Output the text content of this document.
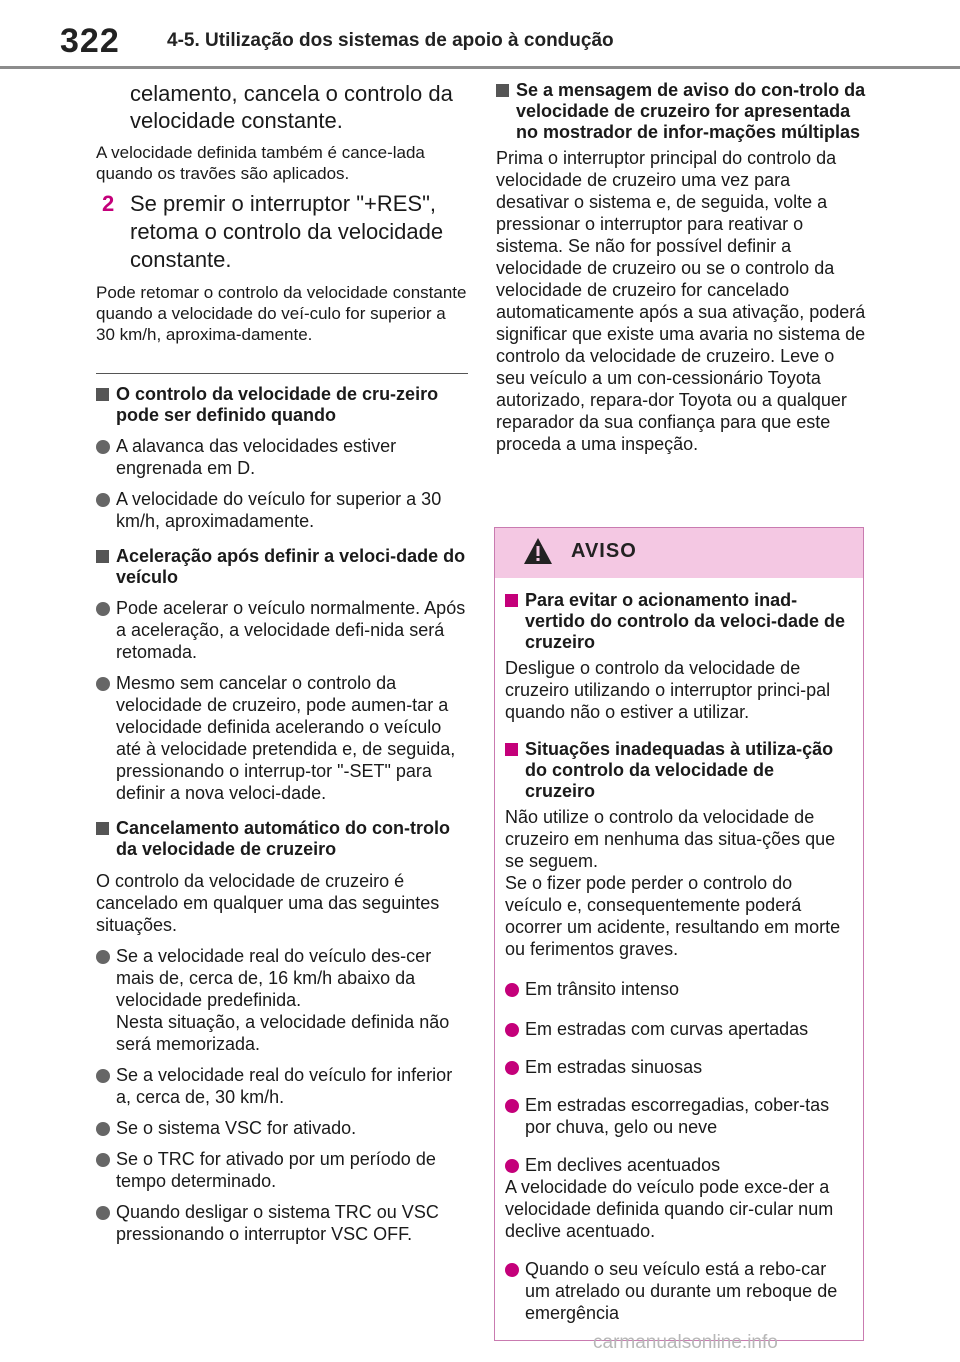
322 4-5. Utilização dos sistemas de apoio à condução
celamento, cancela o controlo da velocidade constante.
A velocidade definida também é cance-lada quando os travões são aplicados.
2 Se premir o interruptor "+RES", retoma o controlo da velocidade constante.
Pode retomar o controlo da velocidade constante quando a velocidade do veí-culo for superior a 30 km/h, aproxima-damente.
O controlo da velocidade de cru-zeiro pode ser definido quando
A alavanca das velocidades estiver engrenada em D.
A velocidade do veículo for superior a 30 km/h, aproximadamente.
Aceleração após definir a veloci-dade do veículo
Pode acelerar o veículo normalmente. Após a aceleração, a velocidade defi-nida será retomada.
Mesmo sem cancelar o controlo da velocidade de cruzeiro, pode aumen-tar a velocidade definida acelerando o veículo até à velocidade pretendida e, de seguida, pressionando o interrup-tor "-SET" para definir a nova veloci-dade.
Cancelamento automático do con-trolo da velocidade de cruzeiro
O controlo da velocidade de cruzeiro é cancelado em qualquer uma das seguintes situações.
Se a velocidade real do veículo des-cer mais de, cerca de, 16 km/h abaixo da velocidade predefinida.
Nesta situação, a velocidade definida não será memorizada.
Se a velocidade real do veículo for inferior a, cerca de, 30 km/h.
Se o sistema VSC for ativado.
Se o TRC for ativado por um período de tempo determinado.
Quando desligar o sistema TRC ou VSC pressionando o interruptor VSC OFF.
Se a mensagem de aviso do con-trolo da velocidade de cruzeiro for apresentada no mostrador de infor-mações múltiplas
Prima o interruptor principal do controlo da velocidade de cruzeiro uma vez para desativar o sistema e, de seguida, volte a pressionar o interruptor para reativar o sistema. Se não for possível definir a velocidade de cruzeiro ou se o controlo da velocidade de cruzeiro for cancelado automaticamente após a sua ativação, poderá significar que existe uma avaria no sistema de controlo da velocidade de cruzeiro. Leve o seu veículo a um con-cessionário Toyota autorizado, repara-dor Toyota ou a qualquer reparador da sua confiança para que este proceda a uma inspeção.
AVISO
Para evitar o acionamento inad-vertido do controlo da veloci-dade de cruzeiro
Desligue o controlo da velocidade de cruzeiro utilizando o interruptor princi-pal quando não o estiver a utilizar.
Situações inadequadas à utiliza-ção do controlo da velocidade de cruzeiro
Não utilize o controlo da velocidade de cruzeiro em nenhuma das situa-ções que se seguem.
Se o fizer pode perder o controlo do veículo e, consequentemente poderá ocorrer um acidente, resultando em morte ou ferimentos graves.
Em trânsito intenso
Em estradas com curvas apertadas
Em estradas sinuosas
Em estradas escorregadias, cober-tas por chuva, gelo ou neve
Em declives acentuados
A velocidade do veículo pode exce-der a velocidade definida quando cir-cular num declive acentuado.
Quando o seu veículo está a rebo-car um atrelado ou durante um reboque de emergência
carmanualsonline.info
